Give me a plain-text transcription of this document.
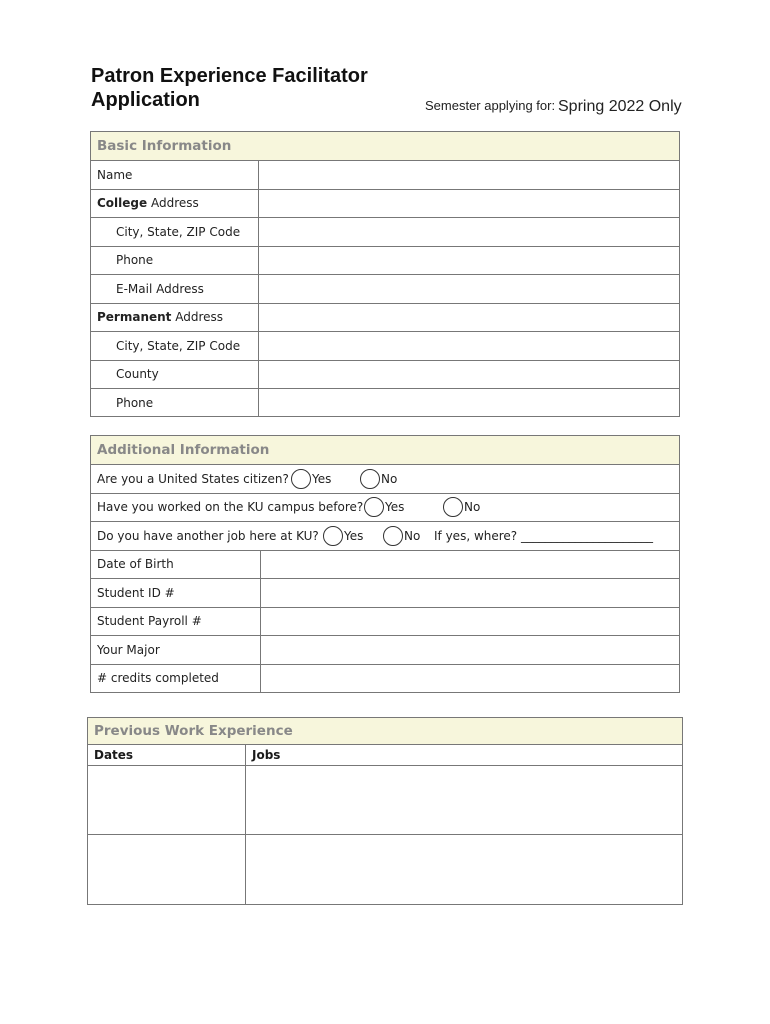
Patron Experience Facilitator Application	Semester applying for: Spring 2022 Only
Basic Information
Name
College Address
City, State, ZIP Code
Phone
E-Mail Address
Permanent Address
City, State, ZIP Code
County
Phone
Additional Information
Are you a United States citizen? Yes	No
Have you worked on the KU campus before? Yes	No
Do you have another job here at KU? Yes	No If yes, where? ______________________
Date of Birth
Student ID #
Student Payroll #
Your Major
# credits completed
Previous Work Experience
Dates	Jobs
